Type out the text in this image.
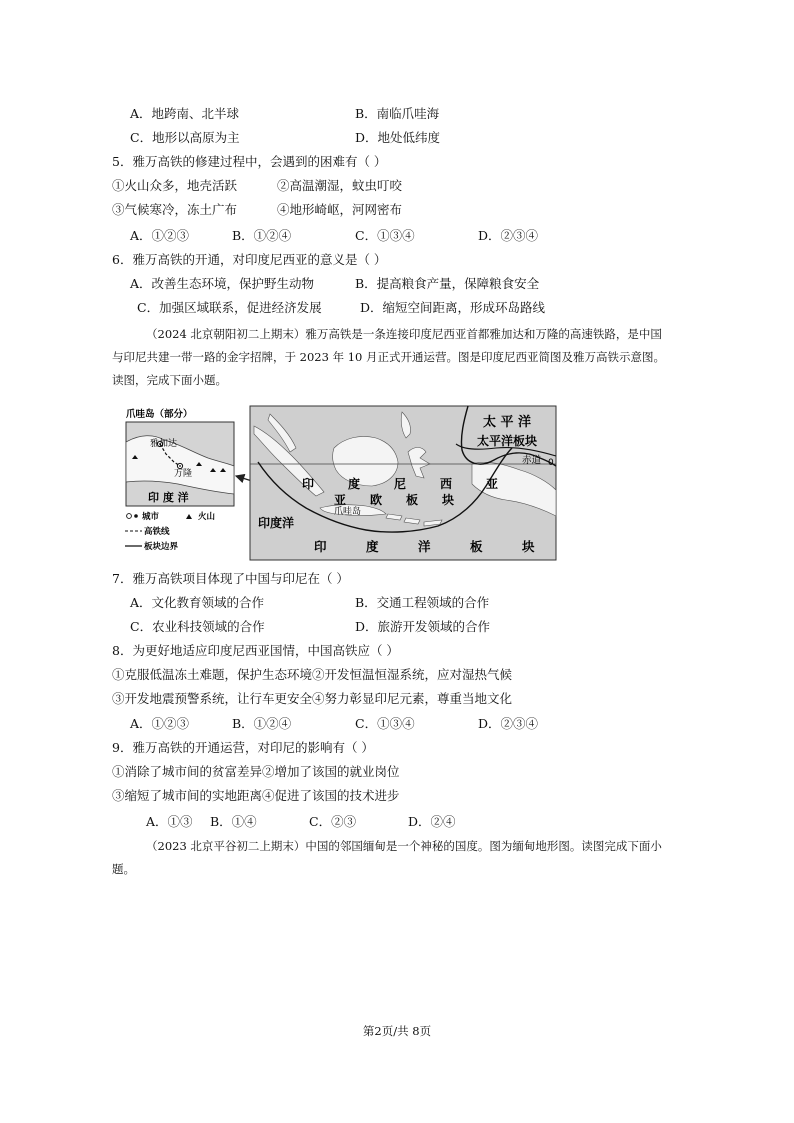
A．地跨南、北半球	B．南临爪哇海
C．地形以高原为主	D．地处低纬度
5．雅万高铁的修建过程中，会遇到的困难有（ ）
①火山众多，地壳活跃	②高温潮湿，蚊虫叮咬
③气候寒冷，冻土广布	④地形崎岖，河网密布
A．①②③	B．①②④	C．①③④	D．②③④
6．雅万高铁的开通，对印度尼西亚的意义是（ ）
A．改善生态环境，保护野生动物	B．提高粮食产量，保障粮食安全
C．加强区域联系，促进经济发展	D．缩短空间距离，形成环岛路线
（2024 北京朝阳初二上期末）雅万高铁是一条连接印度尼西亚首都雅加达和万隆的高速铁路，是中国
与印尼共建一带一路的金字招牌，于 2023 年 10 月正式开通运营。图是印度尼西亚简图及雅万高铁示意图。
读图，完成下面小题。
雅加达
万隆
印 度 洋
爪哇岛（部分）
城市	火山
高铁线
板块边界
太 平 洋
太平洋板块
赤道 0
印	度	尼	西	亚
亚 欧 板 块
爪哇岛
印度洋
印	度	洋	板	块
7．雅万高铁项目体现了中国与印尼在（ ）
A．文化教育领域的合作	B．交通工程领域的合作
C．农业科技领域的合作	D．旅游开发领域的合作
8．为更好地适应印度尼西亚国情，中国高铁应（ ）
①克服低温冻土难题，保护生态环境②开发恒温恒湿系统，应对湿热气候
③开发地震预警系统，让行车更安全④努力彰显印尼元素，尊重当地文化
A．①②③	B．①②④	C．①③④	D．②③④
9．雅万高铁的开通运营，对印尼的影响有（ ）
①消除了城市间的贫富差异②增加了该国的就业岗位
③缩短了城市间的实地距离④促进了该国的技术进步
A．①③ B．①④	C．②③	D．②④
（2023 北京平谷初二上期末）中国的邻国缅甸是一个神秘的国度。图为缅甸地形图。读图完成下面小
题。
第2页/共 8页
